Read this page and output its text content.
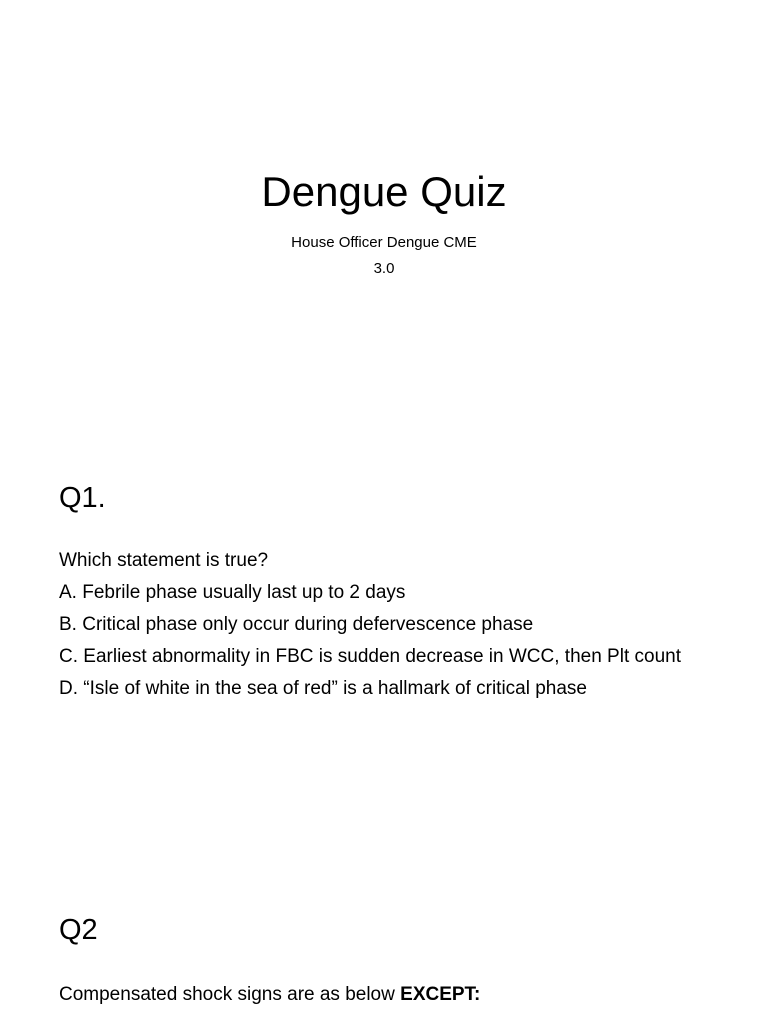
Dengue Quiz
House Officer Dengue CME
3.0
Q1.

Which statement is true?

A. Febrile phase usually last up to 2 days

B. Critical phase only occur during defervescence phase

C. Earliest abnormality in FBC is sudden decrease in WCC, then Plt count

D. “Isle of white in the sea of red” is a hallmark of critical phase

Q2

Compensated shock signs are as below EXCEPT:
